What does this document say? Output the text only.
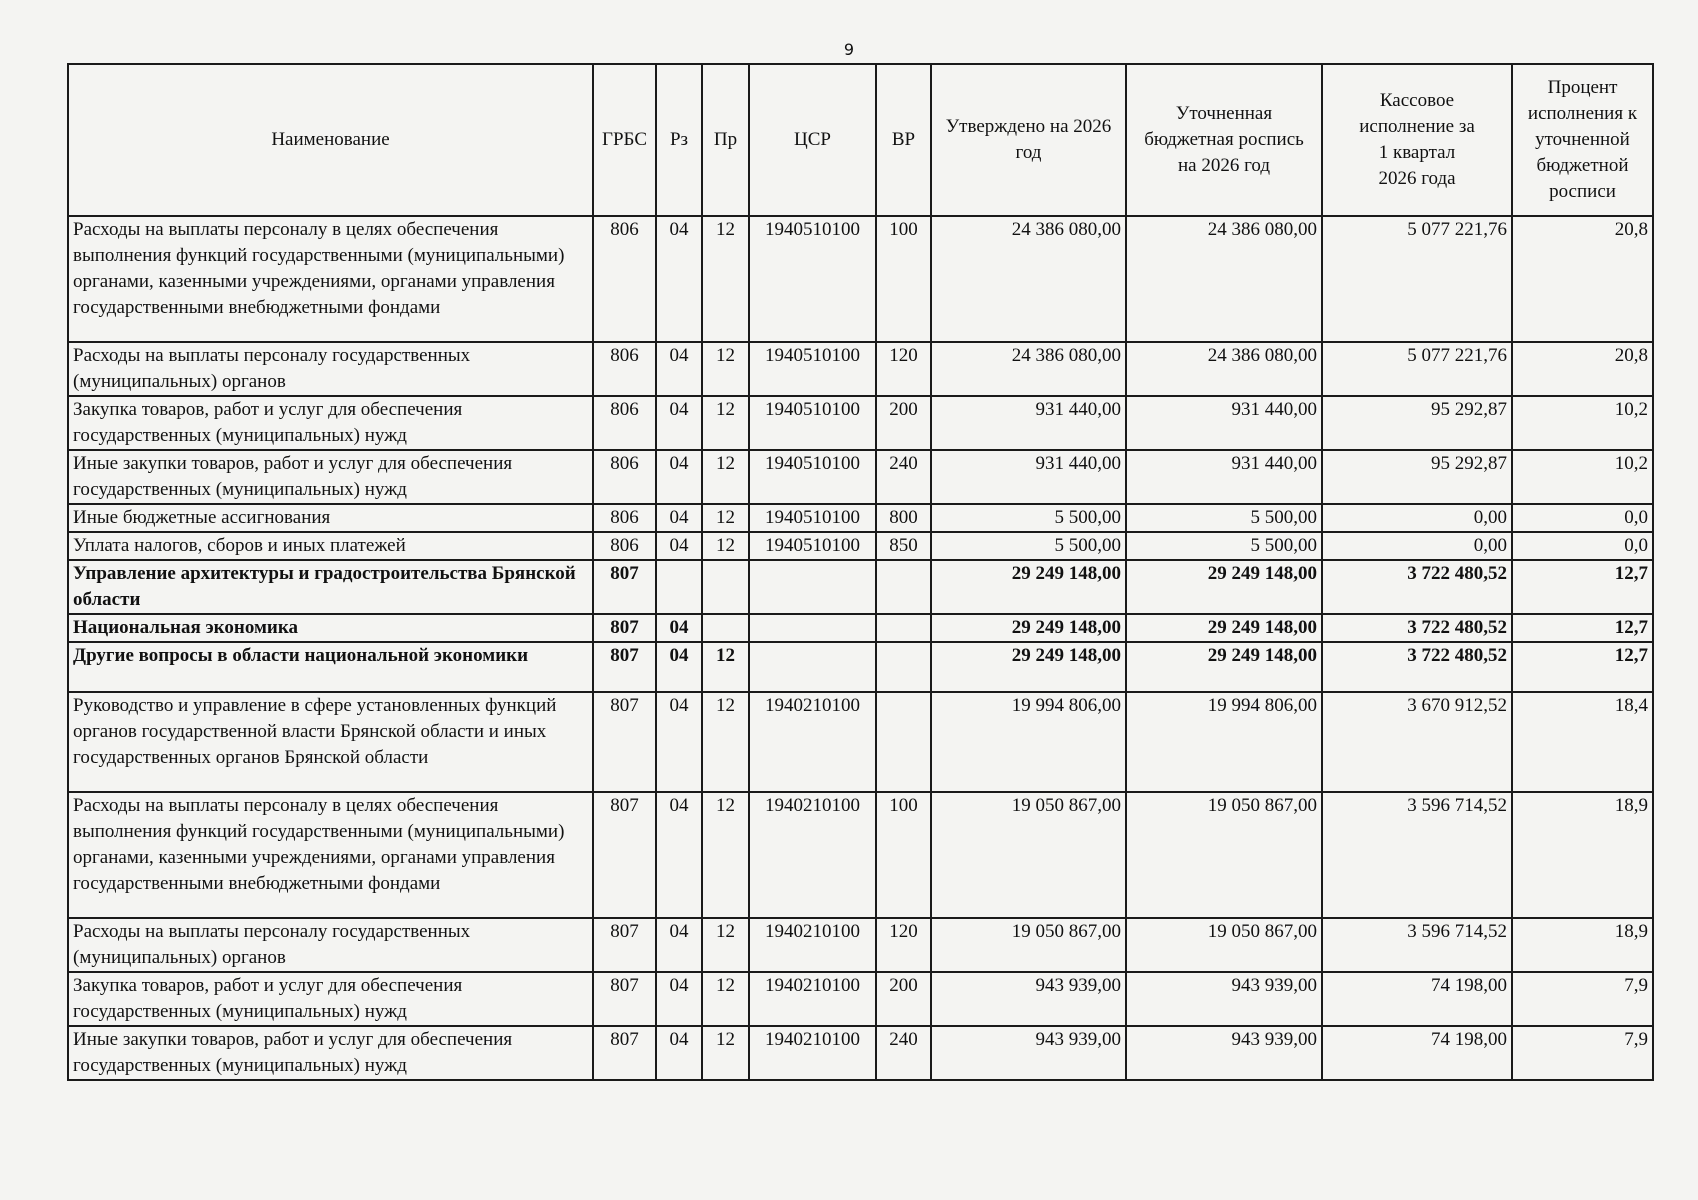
9
Наименование	ГРБС	Рз	Пр	ЦСР	ВР	Утверждено на 2026 год	Уточненная бюджетная роспись на 2026 год	Кассовое исполнение за 1 квартал 2026 года	Процент исполнения к уточненной бюджетной росписи
Расходы на выплаты персоналу в целях обеспечения выполнения функций государственными (муниципальными) органами, казенными учреждениями, органами управления государственными внебюджетными фондами	806	04	12	1940510100	100	24 386 080,00	24 386 080,00	5 077 221,76	20,8
Расходы на выплаты персоналу государственных (муниципальных) органов	806	04	12	1940510100	120	24 386 080,00	24 386 080,00	5 077 221,76	20,8
Закупка товаров, работ и услуг для обеспечения государственных (муниципальных) нужд	806	04	12	1940510100	200	931 440,00	931 440,00	95 292,87	10,2
Иные закупки товаров, работ и услуг для обеспечения государственных (муниципальных) нужд	806	04	12	1940510100	240	931 440,00	931 440,00	95 292,87	10,2
Иные бюджетные ассигнования	806	04	12	1940510100	800	5 500,00	5 500,00	0,00	0,0
Уплата налогов, сборов и иных платежей	806	04	12	1940510100	850	5 500,00	5 500,00	0,00	0,0
Управление архитектуры и градостроительства Брянской области	807					29 249 148,00	29 249 148,00	3 722 480,52	12,7
Национальная экономика	807	04				29 249 148,00	29 249 148,00	3 722 480,52	12,7
Другие вопросы в области национальной экономики	807	04	12			29 249 148,00	29 249 148,00	3 722 480,52	12,7
Руководство и управление в сфере установленных функций органов государственной власти Брянской области и иных государственных органов Брянской области	807	04	12	1940210100		19 994 806,00	19 994 806,00	3 670 912,52	18,4
Расходы на выплаты персоналу в целях обеспечения выполнения функций государственными (муниципальными) органами, казенными учреждениями, органами управления государственными внебюджетными фондами	807	04	12	1940210100	100	19 050 867,00	19 050 867,00	3 596 714,52	18,9
Расходы на выплаты персоналу государственных (муниципальных) органов	807	04	12	1940210100	120	19 050 867,00	19 050 867,00	3 596 714,52	18,9
Закупка товаров, работ и услуг для обеспечения государственных (муниципальных) нужд	807	04	12	1940210100	200	943 939,00	943 939,00	74 198,00	7,9
Иные закупки товаров, работ и услуг для обеспечения государственных (муниципальных) нужд	807	04	12	1940210100	240	943 939,00	943 939,00	74 198,00	7,9
